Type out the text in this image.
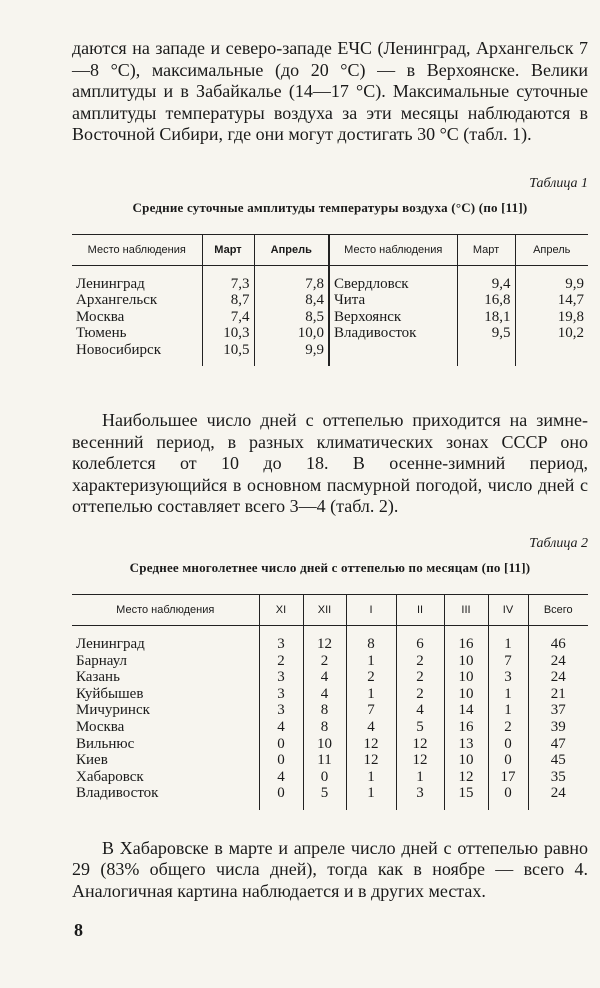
даются на западе и северо-западе ЕЧС (Ленинград, Архангельск 7—8 °С), максимальные (до 20 °С) — в Верхоянске. Велики амплитуды и в Забайкалье (14—17 °С). Максимальные суточные амплитуды температуры воздуха за эти месяцы наблюдаются в Восточной Сибири, где они могут достигать 30 °С (табл. 1).

Таблица 1
Средние суточные амплитуды температуры воздуха (°С) (по [11])
Место наблюдения	Март	Апрель	Место наблюдения	Март	Апрель
Ленинград	7,3	7,8	Свердловск	9,4	9,9
Архангельск	8,7	8,4	Чита	16,8	14,7
Москва	7,4	8,5	Верхоянск	18,1	19,8
Тюмень	10,3	10,0	Владивосток	9,5	10,2
Новосибирск	10,5	9,9			

Наибольшее число дней с оттепелью приходится на зимне-весенний период, в разных климатических зонах СССР оно колеблется от 10 до 18. В осенне-зимний период, характеризующийся в основном пасмурной погодой, число дней с оттепелью составляет всего 3—4 (табл. 2).

Таблица 2
Среднее многолетнее число дней с оттепелью по месяцам (по [11])
Место наблюдения	XI	XII	I	II	III	IV	Всего
Ленинград	3	12	8	6	16	1	46
Барнаул	2	2	1	2	10	7	24
Казань	3	4	2	2	10	3	24
Куйбышев	3	4	1	2	10	1	21
Мичуринск	3	8	7	4	14	1	37
Москва	4	8	4	5	16	2	39
Вильнюс	0	10	12	12	13	0	47
Киев	0	11	12	12	10	0	45
Хабаровск	4	0	1	1	12	17	35
Владивосток	0	5	1	3	15	0	24

В Хабаровске в марте и апреле число дней с оттепелью равно 29 (83% общего числа дней), тогда как в ноябре — всего 4. Аналогичная картина наблюдается и в других местах.

8
